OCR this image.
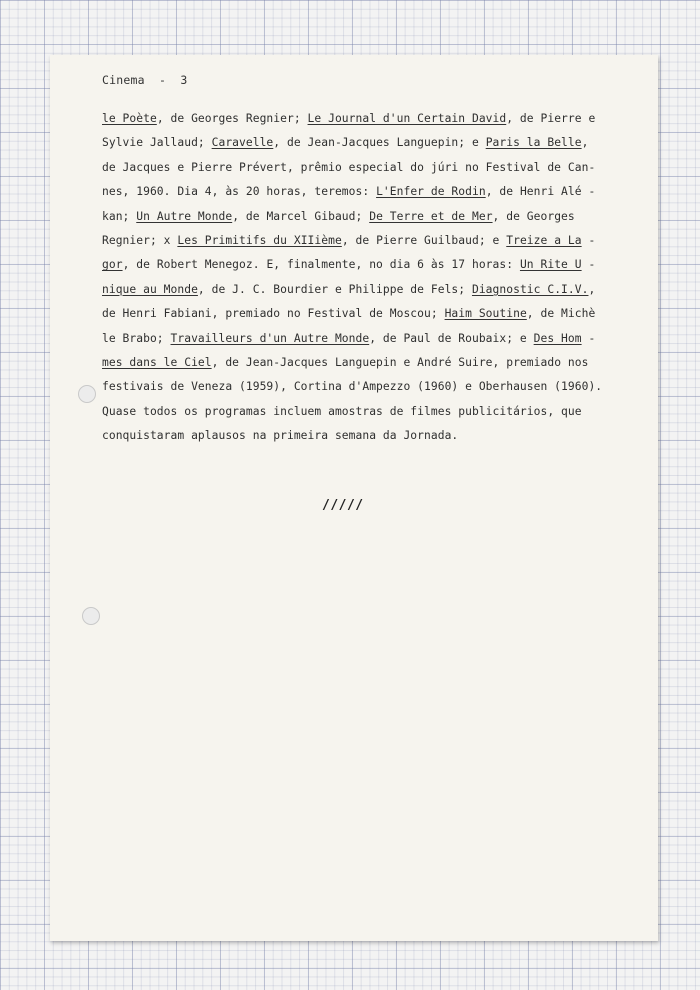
Cinema  -  3
le Poète, de Georges Regnier; Le Journal d'un Certain David, de Pierre e
Sylvie Jallaud; Caravelle, de Jean-Jacques Languepin; e Paris la Belle,
de Jacques e Pierre Prévert, prêmio especial do júri no Festival de Can-
nes, 1960. Dia 4, às 20 horas, teremos: L'Enfer de Rodin, de Henri Alé -
kan; Un Autre Monde, de Marcel Gibaud; De Terre et de Mer, de Georges
Regnier; x Les Primitifs du XIIième, de Pierre Guilbaud; e Treize a La -
gor, de Robert Menegoz. E, finalmente, no dia 6 às 17 horas: Un Rite U -
nique au Monde, de J. C. Bourdier e Philippe de Fels; Diagnostic C.I.V.,
de Henri Fabiani, premiado no Festival de Moscou; Haim Soutine, de Michè
le Brabo; Travailleurs d'un Autre Monde, de Paul de Roubaix; e Des Hom -
mes dans le Ciel, de Jean-Jacques Languepin e André Suire, premiado nos
festivais de Veneza (1959), Cortina d'Ampezzo (1960) e Oberhausen (1960).
Quase todos os programas incluem amostras de filmes publicitários, que
conquistaram aplausos na primeira semana da Jornada.
/////
